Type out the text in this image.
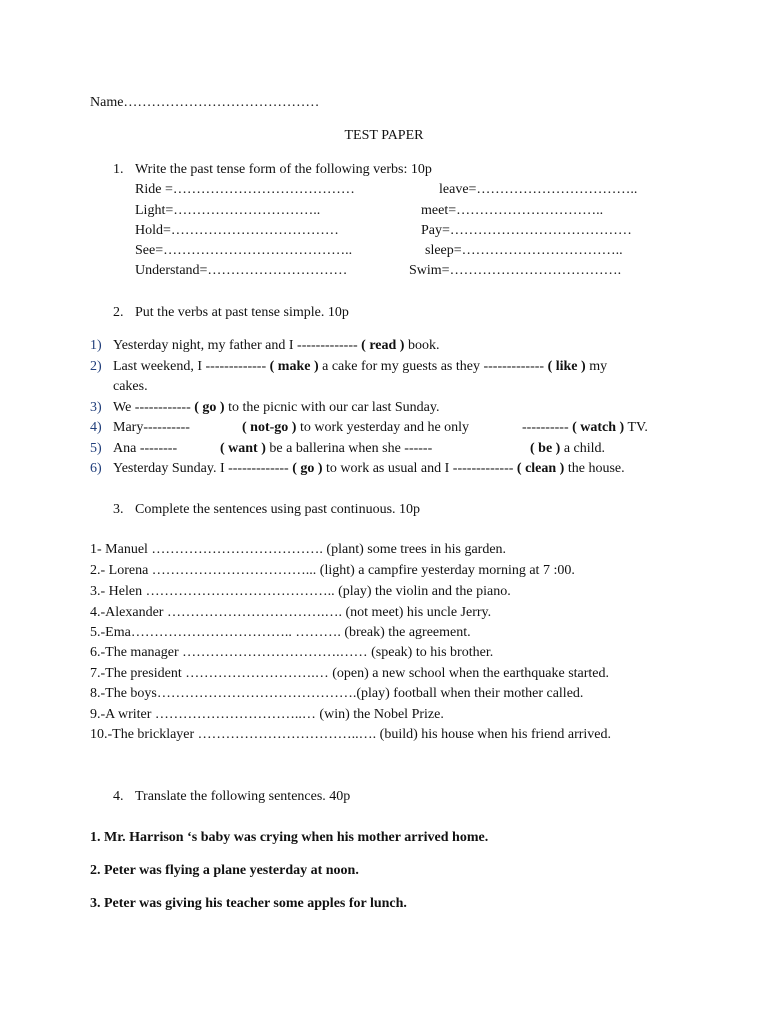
Name……………………………………
TEST PAPER
1. Write the past tense form of the following verbs: 10p
Ride =…………………………………	leave=……………………………..
Light=…………………………..	meet=…………………………..
Hold=………………………………	Pay=…………………………………
See=…………………………………..	sleep=……………………………..
Understand=…………………………	Swim=……………………………….
2. Put the verbs at past tense simple. 10p
1) Yesterday night, my father and I ------------- ( read ) book.
2) Last weekend, I ------------- ( make ) a cake for my guests as they ------------- ( like ) my
cakes.
3) We ------------ ( go ) to the picnic with our car last Sunday.
4) Mary----------	( not-go ) to work yesterday and he only	---------- ( watch ) TV.
5) Ana --------	( want ) be a ballerina when she ------	( be ) a child.
6) Yesterday Sunday. I ------------- ( go ) to work as usual and I ------------- ( clean ) the house.
3. Complete the sentences using past continuous. 10p
1- Manuel ………………………………. (plant) some trees in his garden.
2.- Lorena ……………………………... (light) a campfire yesterday morning at 7 :00.
3.- Helen ………………………………….. (play) the violin and the piano.
4.-Alexander …………………………….…. (not meet) his uncle Jerry.
5.-Ema…………………………….. ………. (break) the agreement.
6.-The manager …………………………….…… (speak) to his brother.
7.-The president ……………………….… (open) a new school when the earthquake started.
8.-The boys…………………………………….(play) football when their mother called.
9.-A writer …………………………..… (win) the Nobel Prize.
10.-The bricklayer ……………………………..…. (build) his house when his friend arrived.
4. Translate the following sentences. 40p
1. Mr. Harrison ‘s baby was crying when his mother arrived home.
2. Peter was flying a plane yesterday at noon.
3. Peter was giving his teacher some apples for lunch.
